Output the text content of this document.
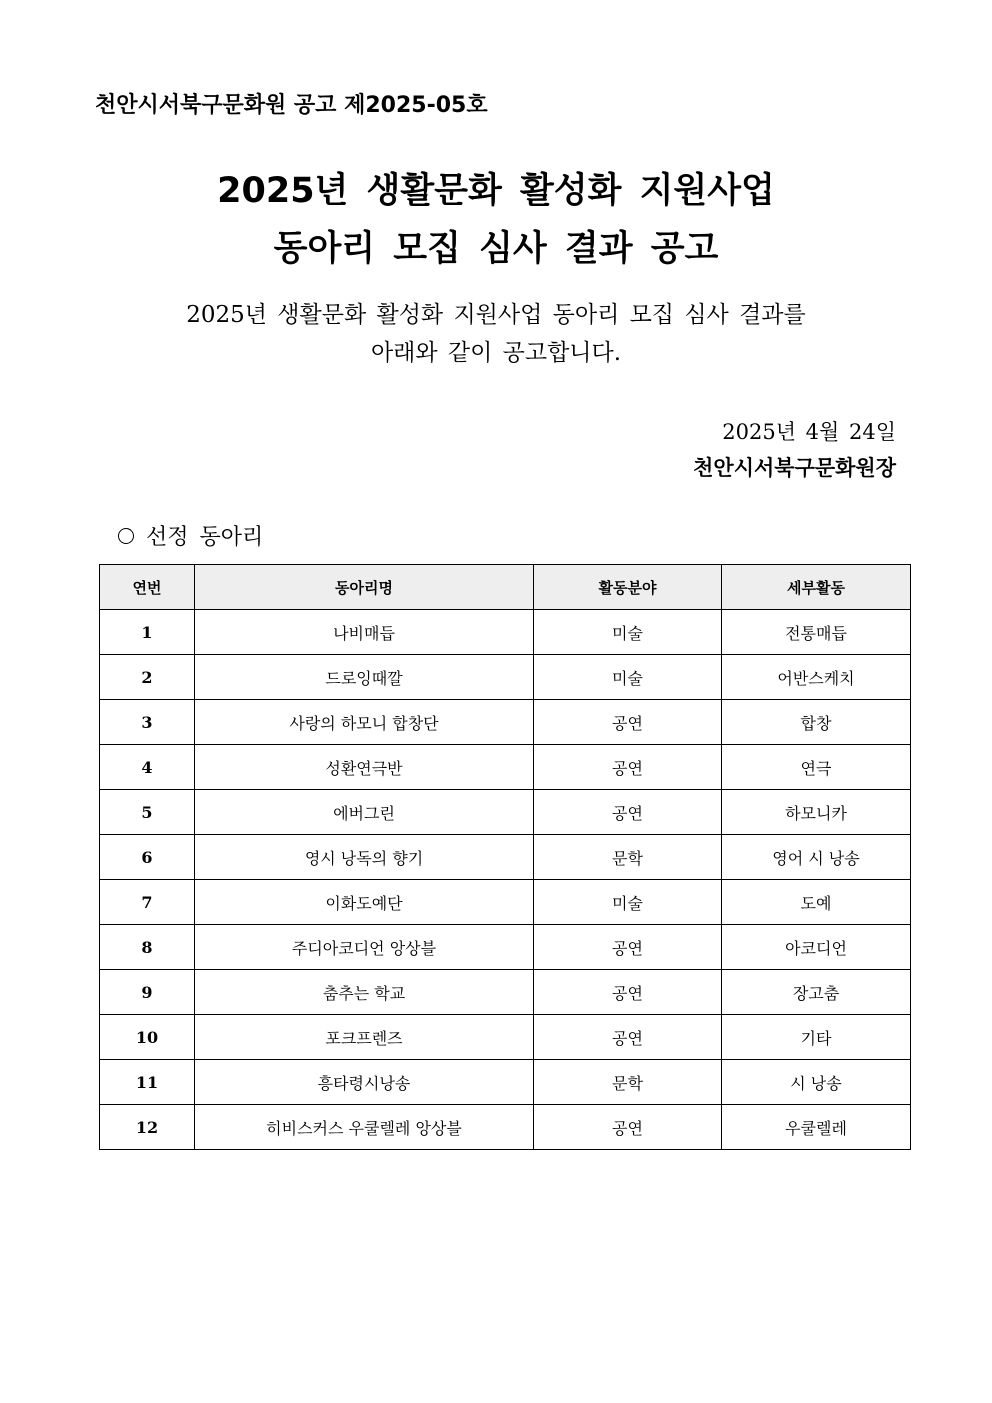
천안시서북구문화원 공고 제2025-05호
2025년 생활문화 활성화 지원사업
동아리 모집 심사 결과 공고
2025년 생활문화 활성화 지원사업 동아리 모집 심사 결과를
아래와 같이 공고합니다.
2025년 4월 24일
천안시서북구문화원장
선정 동아리
연번	동아리명	활동분야	세부활동
1	나비매듭	미술	전통매듭
2	드로잉때깔	미술	어반스케치
3	사랑의 하모니 합창단	공연	합창
4	성환연극반	공연	연극
5	에버그린	공연	하모니카
6	영시 낭독의 향기	문학	영어 시 낭송
7	이화도예단	미술	도예
8	주디아코디언 앙상블	공연	아코디언
9	춤추는 학교	공연	장고춤
10	포크프렌즈	공연	기타
11	흥타령시낭송	문학	시 낭송
12	히비스커스 우쿨렐레 앙상블	공연	우쿨렐레
